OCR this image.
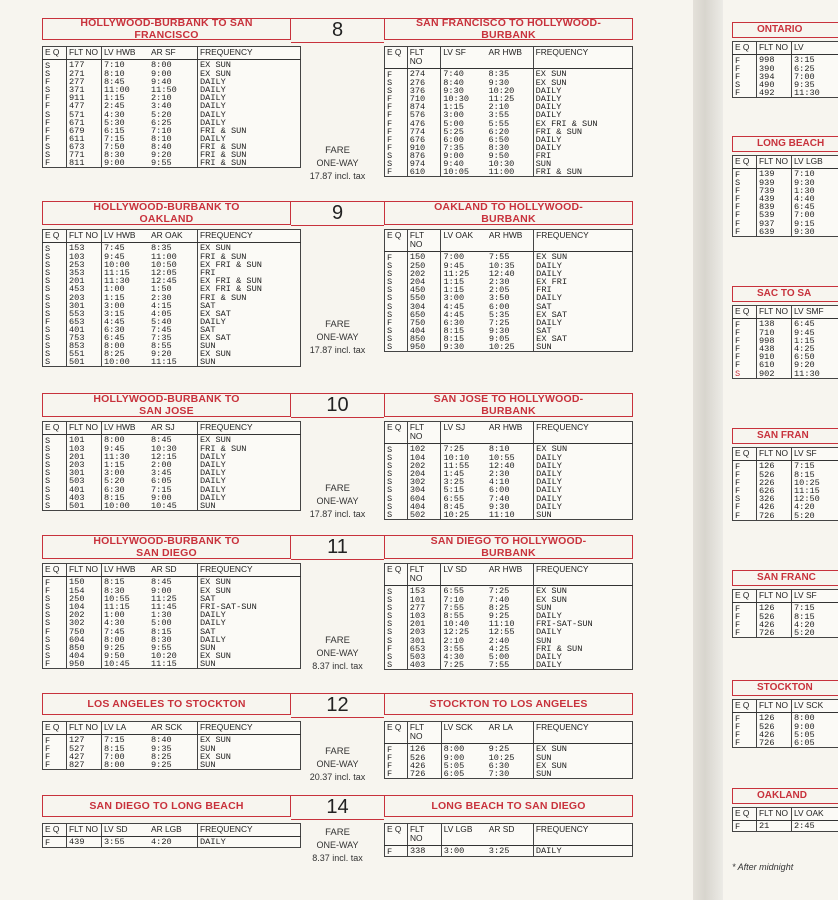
HOLLYWOOD-BURBANK TO SAN FRANCISCO	8	SAN FRANCISCO TO HOLLYWOOD-BURBANK
E Q	FLT NO	LV HWB	AR SF	FREQUENCY
S	177	7:10	8:00	EX SUN
S	271	8:10	9:00	EX SUN
F	277	8:45	9:40	DAILY
S	371	11:00	11:50	DAILY
F	911	1:15	2:10	DAILY
F	477	2:45	3:40	DAILY
S	571	4:30	5:20	DAILY
F	671	5:30	6:25	DAILY
F	679	6:15	7:10	FRI & SUN
F	611	7:15	8:10	DAILY
S	673	7:50	8:40	FRI & SUN
S	771	8:30	9:20	FRI & SUN
F	811	9:00	9:55	FRI & SUN
E Q	FLT NO	LV SF	AR HWB	FREQUENCY
F	274	7:40	8:35	EX SUN
S	276	8:40	9:30	EX SUN
S	376	9:30	10:20	DAILY
F	710	10:30	11:25	DAILY
F	874	1:15	2:10	DAILY
F	576	3:00	3:55	DAILY
F	476	5:00	5:55	EX FRI & SUN
F	774	5:25	6:20	FRI & SUN
F	676	6:00	6:50	DAILY
F	910	7:35	8:30	DAILY
S	876	9:00	9:50	FRI
S	974	9:40	10:30	SUN
F	610	10:05	11:00	FRI & SUN
FARE
ONE-WAY
17.87 incl. tax
HOLLYWOOD-BURBANK TO OAKLAND	9	OAKLAND TO HOLLYWOOD-BURBANK
E Q	FLT NO	LV HWB	AR OAK	FREQUENCY
S	153	7:45	8:35	EX SUN
S	103	9:45	11:00	FRI & SUN
S	253	10:00	10:50	EX FRI & SUN
S	353	11:15	12:05	FRI
S	201	11:30	12:45	EX FRI & SUN
S	453	1:00	1:50	EX FRI & SUN
S	203	1:15	2:30	FRI & SUN
S	301	3:00	4:15	SAT
S	553	3:15	4:05	EX SAT
F	653	4:45	5:40	DAILY
S	401	6:30	7:45	SAT
S	753	6:45	7:35	EX SAT
S	853	8:00	8:55	SUN
S	551	8:25	9:20	EX SUN
S	501	10:00	11:15	SUN
E Q	FLT NO	LV OAK	AR HWB	FREQUENCY
F	150	7:00	7:55	EX SUN
S	250	9:45	10:35	DAILY
S	202	11:25	12:40	DAILY
S	204	1:15	2:30	EX FRI
S	450	1:15	2:05	FRI
S	550	3:00	3:50	DAILY
S	304	4:45	6:00	SAT
S	650	4:45	5:35	EX SAT
F	750	6:30	7:25	DAILY
S	404	8:15	9:30	SAT
S	850	8:15	9:05	EX SAT
S	950	9:30	10:25	SUN
FARE
ONE-WAY
17.87 incl. tax
HOLLYWOOD-BURBANK TO SAN JOSE	10	SAN JOSE TO HOLLYWOOD-BURBANK
E Q	FLT NO	LV HWB	AR SJ	FREQUENCY
S	101	8:00	8:45	EX SUN
S	103	9:45	10:30	FRI & SUN
S	201	11:30	12:15	DAILY
S	203	1:15	2:00	DAILY
S	301	3:00	3:45	DAILY
S	503	5:20	6:05	DAILY
S	401	6:30	7:15	DAILY
S	403	8:15	9:00	DAILY
S	501	10:00	10:45	SUN
E Q	FLT NO	LV SJ	AR HWB	FREQUENCY
S	102	7:25	8:10	EX SUN
S	104	10:10	10:55	DAILY
S	202	11:55	12:40	DAILY
S	204	1:45	2:30	DAILY
S	302	3:25	4:10	DAILY
S	304	5:15	6:00	DAILY
S	604	6:55	7:40	DAILY
S	404	8:45	9:30	DAILY
S	502	10:25	11:10	SUN
FARE
ONE-WAY
17.87 incl. tax
HOLLYWOOD-BURBANK TO SAN DIEGO	11	SAN DIEGO TO HOLLYWOOD-BURBANK
E Q	FLT NO	LV HWB	AR SD	FREQUENCY
F	150	8:15	8:45	EX SUN
F	154	8:30	9:00	EX SUN
S	250	10:55	11:25	SAT
S	104	11:15	11:45	FRI-SAT-SUN
S	202	1:00	1:30	DAILY
S	302	4:30	5:00	DAILY
F	750	7:45	8:15	SAT
S	604	8:00	8:30	DAILY
S	850	9:25	9:55	SUN
S	404	9:50	10:20	EX SUN
F	950	10:45	11:15	SUN
E Q	FLT NO	LV SD	AR HWB	FREQUENCY
S	153	6:55	7:25	EX SUN
S	101	7:10	7:40	EX SUN
S	277	7:55	8:25	SUN
S	103	8:55	9:25	DAILY
S	201	10:40	11:10	FRI-SAT-SUN
S	203	12:25	12:55	DAILY
S	301	2:10	2:40	SUN
F	653	3:55	4:25	FRI & SUN
S	503	4:30	5:00	DAILY
S	403	7:25	7:55	DAILY
FARE
ONE-WAY
8.37 incl. tax
LOS ANGELES TO STOCKTON	12	STOCKTON TO LOS ANGELES
E Q	FLT NO	LV LA	AR SCK	FREQUENCY
F	127	7:15	8:40	EX SUN
F	527	8:15	9:35	SUN
F	427	7:00	8:25	EX SUN
F	827	8:00	9:25	SUN
E Q	FLT NO	LV SCK	AR LA	FREQUENCY
F	126	8:00	9:25	EX SUN
F	526	9:00	10:25	SUN
F	426	5:05	6:30	EX SUN
F	726	6:05	7:30	SUN
FARE
ONE-WAY
20.37 incl. tax
SAN DIEGO TO LONG BEACH	14	LONG BEACH TO SAN DIEGO
E Q	FLT NO	LV SD	AR LGB	FREQUENCY
F	439	3:55	4:20	DAILY
E Q	FLT NO	LV LGB	AR SD	FREQUENCY
F	338	3:00	3:25	DAILY
FARE
ONE-WAY
8.37 incl. tax
ONTARIO
E Q	FLT NO	LV
F	998	3:15
F	390	6:25
F	394	7:00
S	490	9:35
F	492	11:30
LONG BEACH
E Q	FLT NO	LV LGB
F	139	7:10
S	939	9:30
F	739	1:30
F	439	4:40
F	839	6:45
F	539	7:00
F	937	9:15
F	639	9:30
SAC TO SA
E Q	FLT NO	LV SMF
F	138	6:45
F	710	9:45
F	998	1:15
F	438	4:25
F	910	6:50
F	610	9:20
S	902	11:30
SAN FRAN
E Q	FLT NO	LV SF
F	126	7:15
F	526	8:15
F	226	10:25
F	626	11:15
S	326	12:50
F	426	4:20
F	726	5:20
SAN FRANC
E Q	FLT NO	LV SF
F	126	7:15
F	526	8:15
F	426	4:20
F	726	5:20
STOCKTON
E Q	FLT NO	LV SCK
F	126	8:00
F	526	9:00
F	426	5:05
F	726	6:05
OAKLAND
E Q	FLT NO	LV OAK
F	21	2:45
* After midnight
